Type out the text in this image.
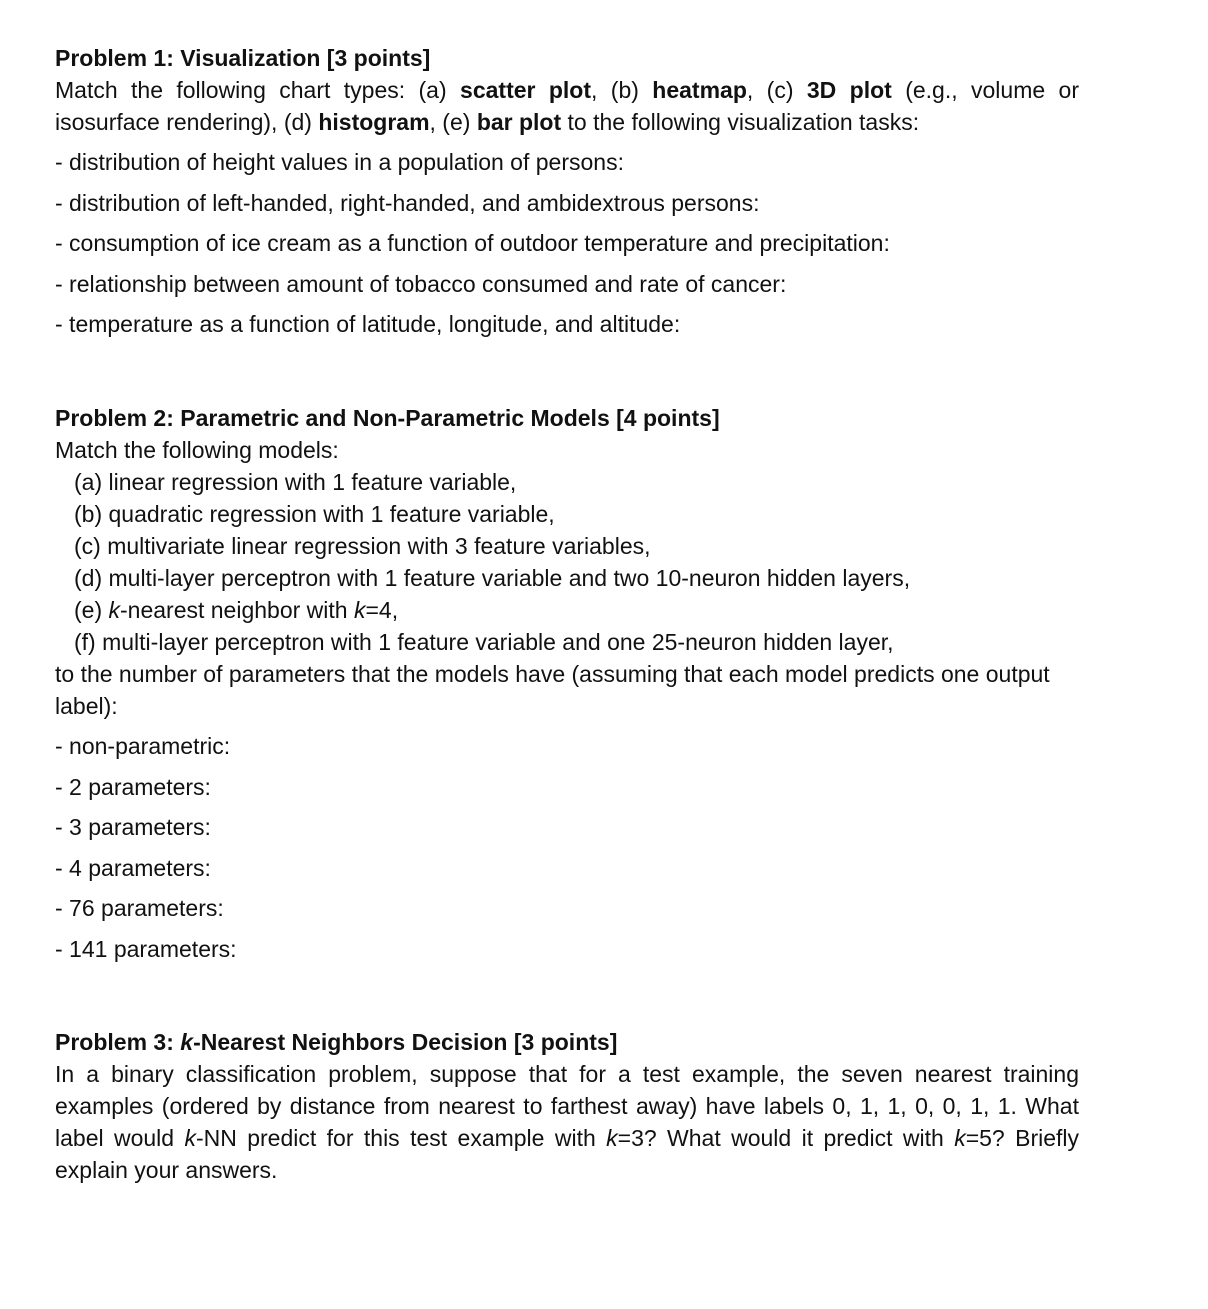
Problem 1: Visualization [3 points]
Match the following chart types: (a) scatter plot, (b) heatmap, (c) 3D plot (e.g., volume or isosurface rendering), (d) histogram, (e) bar plot to the following visualization tasks:
- distribution of height values in a population of persons:
- distribution of left-handed, right-handed, and ambidextrous persons:
- consumption of ice cream as a function of outdoor temperature and precipitation:
- relationship between amount of tobacco consumed and rate of cancer:
- temperature as a function of latitude, longitude, and altitude:
Problem 2: Parametric and Non-Parametric Models [4 points]
Match the following models:
(a) linear regression with 1 feature variable,
(b) quadratic regression with 1 feature variable,
(c) multivariate linear regression with 3 feature variables,
(d) multi-layer perceptron with 1 feature variable and two 10-neuron hidden layers,
(e) k-nearest neighbor with k=4,
(f) multi-layer perceptron with 1 feature variable and one 25-neuron hidden layer,
to the number of parameters that the models have (assuming that each model predicts one output label):
- non-parametric:
- 2 parameters:
- 3 parameters:
- 4 parameters:
- 76 parameters:
- 141 parameters:
Problem 3: k-Nearest Neighbors Decision [3 points]
In a binary classification problem, suppose that for a test example, the seven nearest training examples (ordered by distance from nearest to farthest away) have labels 0, 1, 1, 0, 0, 1, 1. What label would k-NN predict for this test example with k=3? What would it predict with k=5? Briefly explain your answers.
